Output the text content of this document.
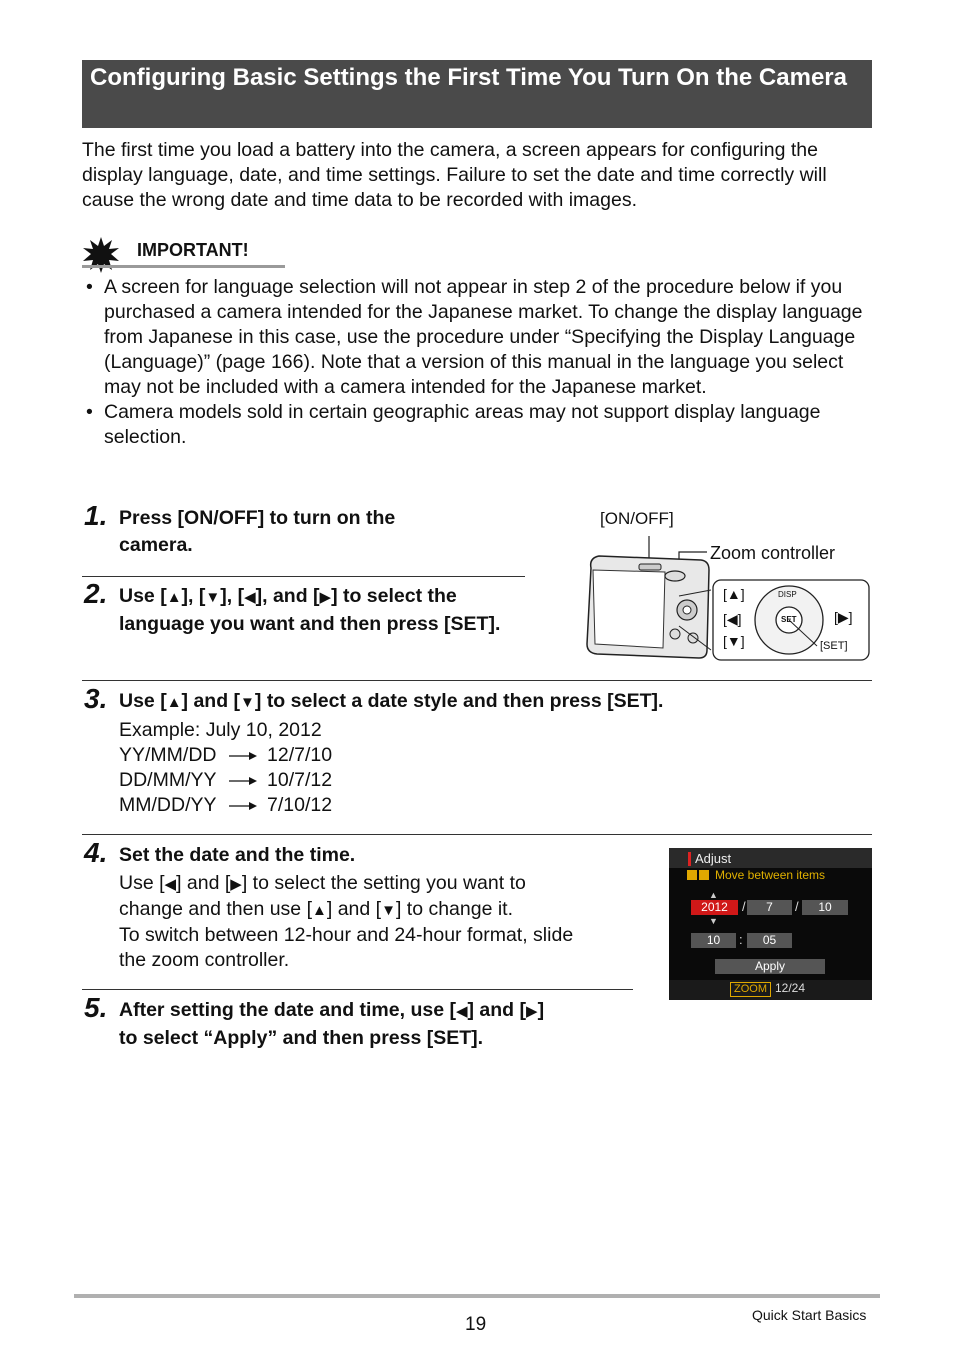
Configuring Basic Settings the First Time You Turn On the Camera

The first time you load a battery into the camera, a screen appears for configuring the display language, date, and time settings. Failure to set the date and time correctly will cause the wrong date and time data to be recorded with images.

IMPORTANT!
• A screen for language selection will not appear in step 2 of the procedure below if you purchased a camera intended for the Japanese market. To change the display language from Japanese in this case, use the procedure under “Specifying the Display Language (Language)” (page 166). Note that a version of this manual in the language you select may not be included with a camera intended for the Japanese market.
• Camera models sold in certain geographic areas may not support display language selection.
1. Press [ON/OFF] to turn on the camera.

2. Use [▲], [▼], [◀], and [▶] to select the language you want and then press [SET].

[ON/OFF]
Zoom controller
DISP
SET
[▲]
[◀]
[▼]
[▶]
[SET]
3. Use [▲] and [▼] to select a date style and then press [SET].

Example: July 10, 2012
YY/MM/DD	12/7/10
DD/MM/YY	10/7/12
MM/DD/YY	7/10/12
4. Set the date and the time.

Use [◀] and [▶] to select the setting you want to

change and then use [▲] and [▼] to change it.

To switch between 12-hour and 24-hour format, slide

the zoom controller.

Adjust
Move between items
▲
2012	/	7	/	10
▼
10	:	05
Apply
ZOOM 12/24
5. After setting the date and time, use [◀] and [▶]

to select “Apply” and then press [SET].

19	Quick Start Basics
